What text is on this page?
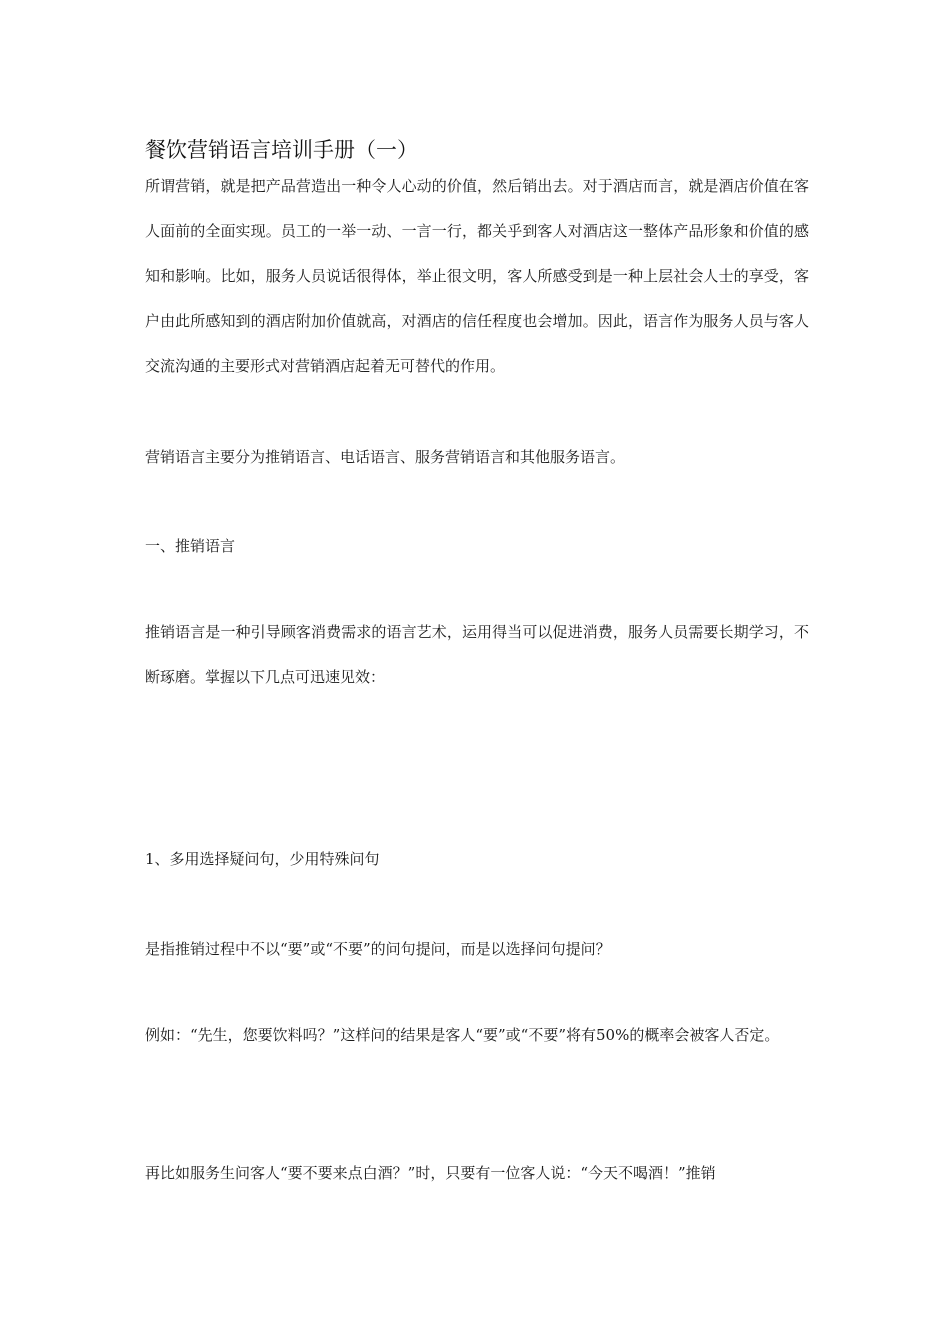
餐饮营销语言培训手册（一）

所谓营销，就是把产品营造出一种令人心动的价值，然后销出去。对于酒店而言，就是酒店价值在客人面前的全面实现。员工的一举一动、一言一行，都关乎到客人对酒店这一整体产品形象和价值的感知和影响。比如，服务人员说话很得体，举止很文明，客人所感受到是一种上层社会人士的享受，客户由此所感知到的酒店附加价值就高，对酒店的信任程度也会增加。因此，语言作为服务人员与客人交流沟通的主要形式对营销酒店起着无可替代的作用。

营销语言主要分为推销语言、电话语言、服务营销语言和其他服务语言。
一、推销语言

推销语言是一种引导顾客消费需求的语言艺术，运用得当可以促进消费，服务人员需要长期学习，不断琢磨。掌握以下几点可迅速见效：

1、多用选择疑问句，少用特殊问句
是指推销过程中不以“要”或“不要”的问句提问，而是以选择问句提问？

例如：“先生，您要饮料吗？”这样问的结果是客人“要”或“不要”将有50%的概率会被客人否定。

再比如服务生问客人“要不要来点白酒？”时，只要有一位客人说：“今天不喝酒！”推销
